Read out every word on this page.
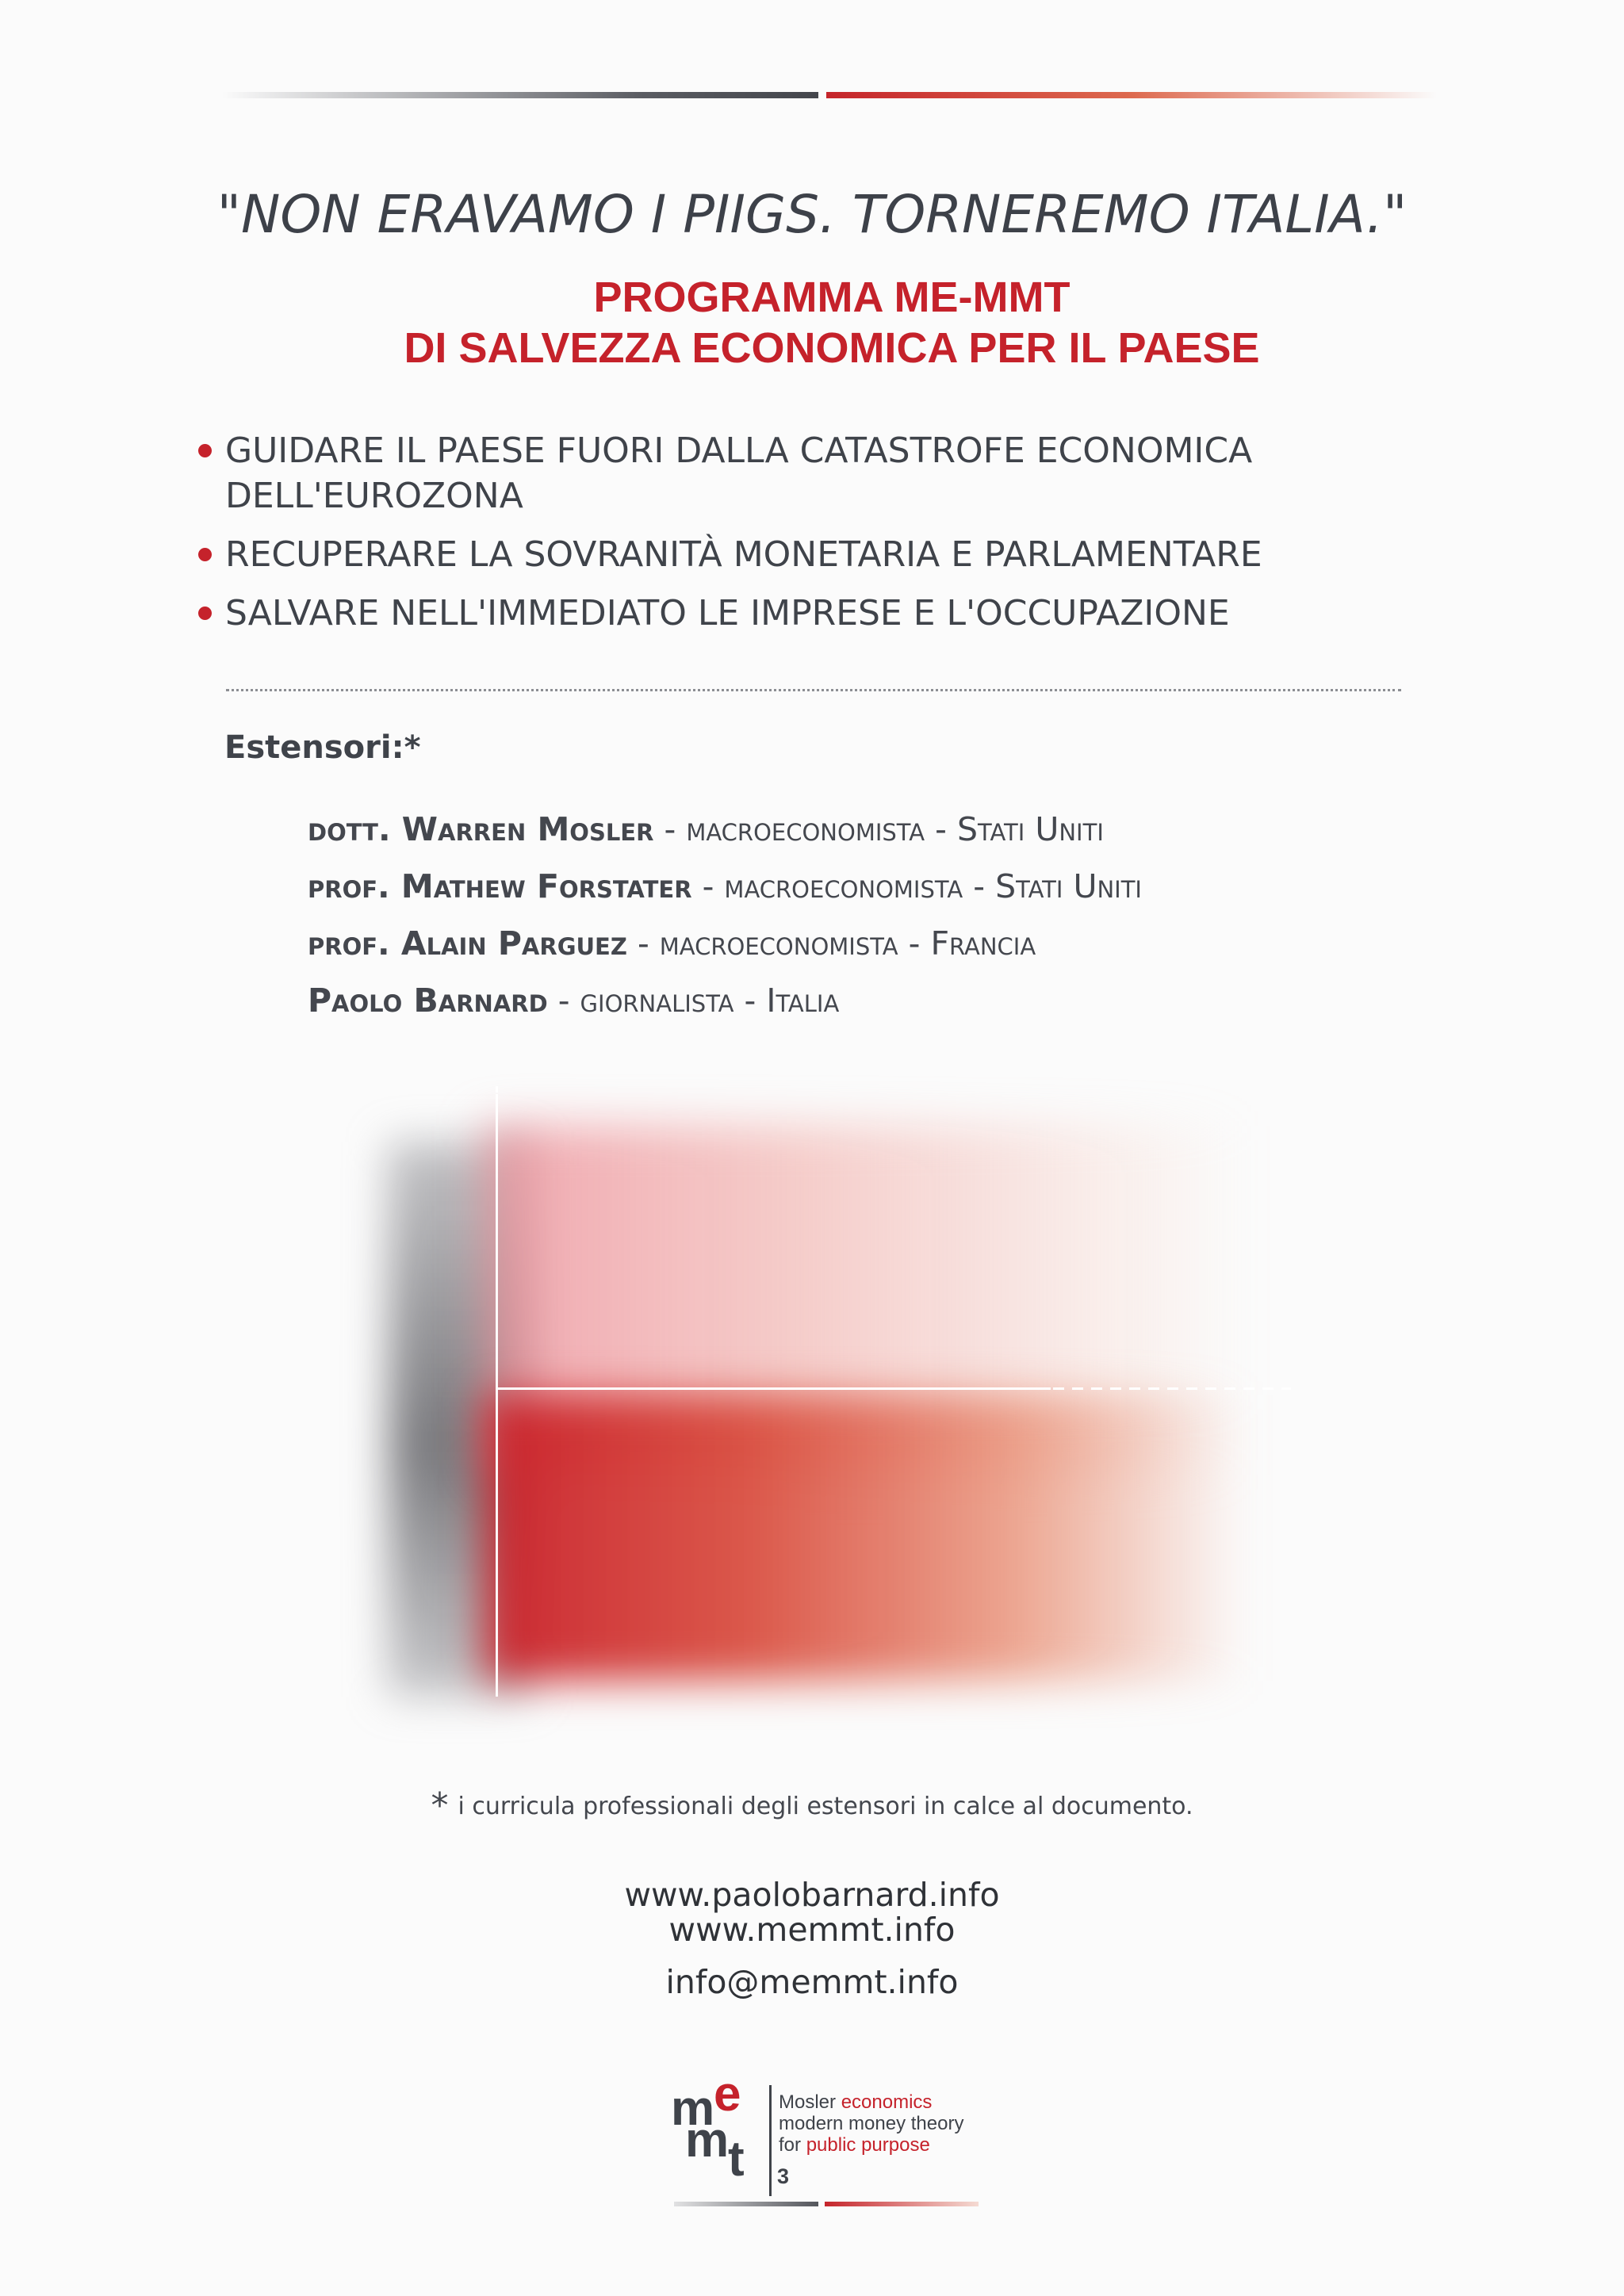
"NON ERAVAMO I PIIGS. TORNEREMO ITALIA."
PROGRAMMA ME-MMT
DI SALVEZZA ECONOMICA PER IL PAESE
GUIDARE IL PAESE FUORI DALLA CATASTROFE ECONOMICA DELL'EUROZONA
RECUPERARE LA SOVRANITÀ MONETARIA E PARLAMENTARE
SALVARE NELL'IMMEDIATO LE IMPRESE E L'OCCUPAZIONE
Estensori:*
dott. Warren Mosler - macroeconomista - Stati Uniti
prof. Mathew Forstater - macroeconomista - Stati Uniti
prof. Alain Parguez - macroeconomista - Francia
Paolo Barnard - giornalista - Italia
* i curricula professionali degli estensori in calce al documento.
www.paolobarnard.info
www.memmt.info
info@memmt.info
m e
m t
Mosler economics
modern money theory
for public purpose
3
